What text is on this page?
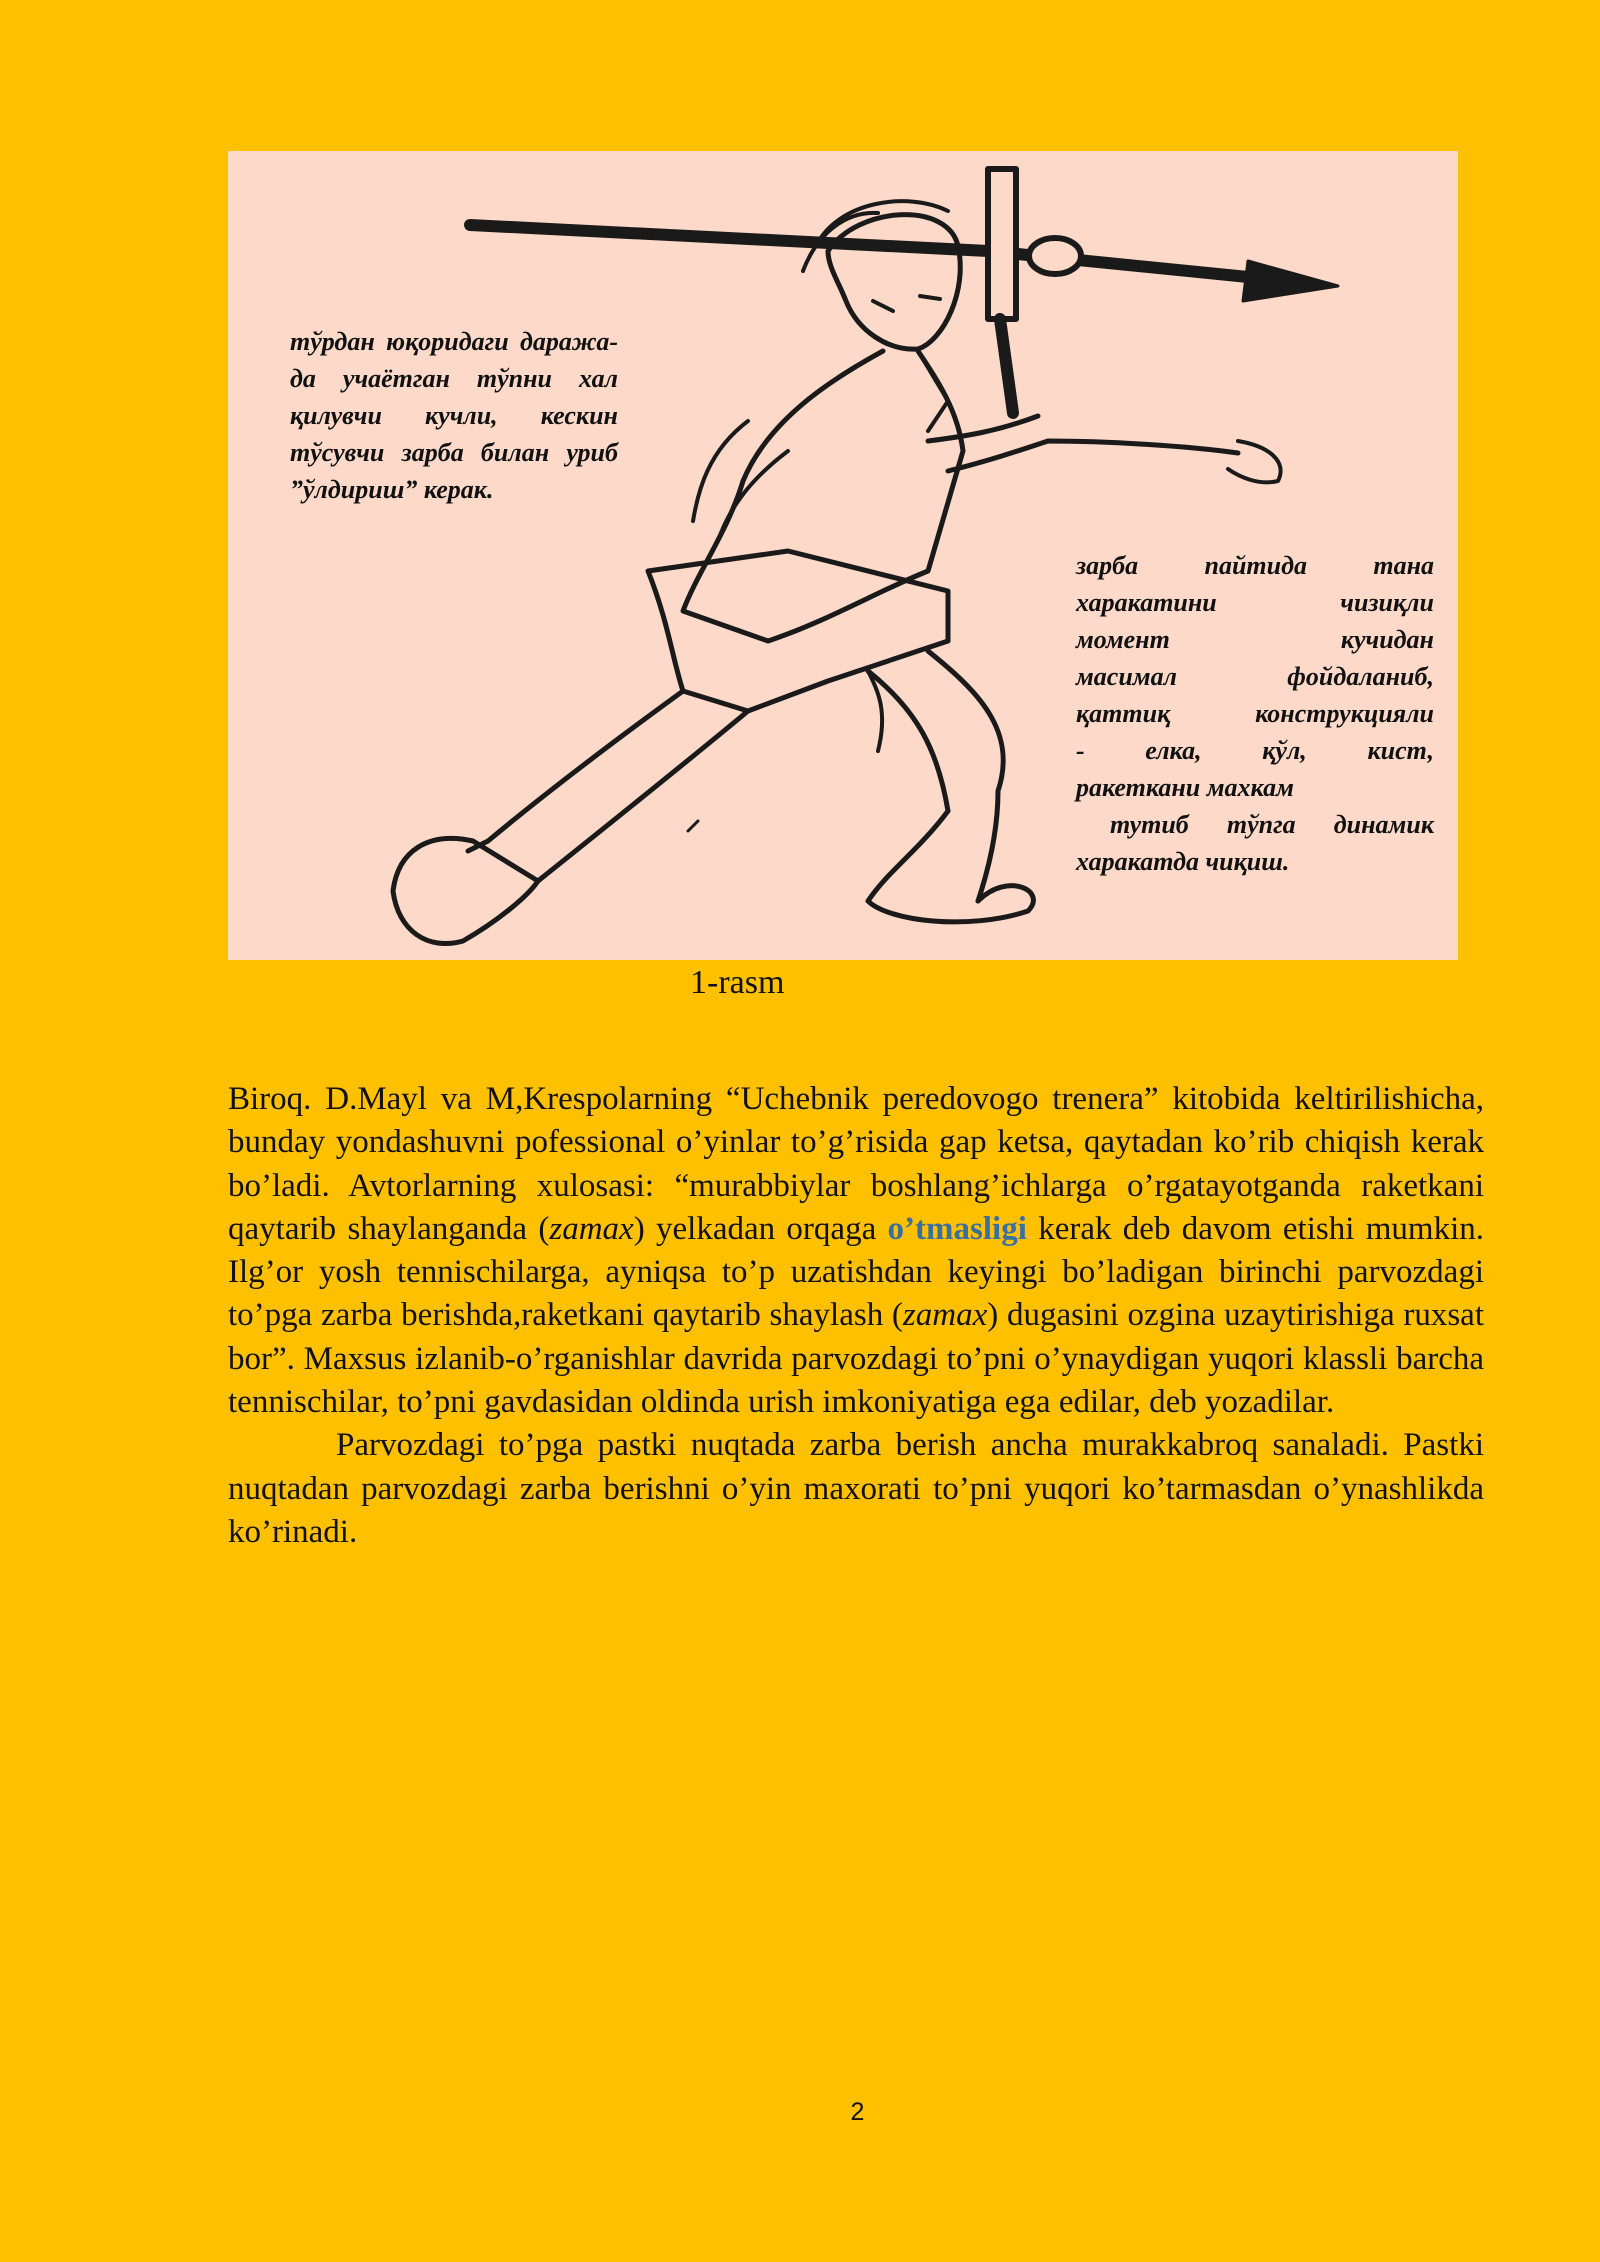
тўрдан юқоридаги даражада учаётган тўпни хал қилувчи кучли, кескин тўсувчи зарба билан уриб ”ўлдириш” керак.
зарба пайтида тана
харакатини чизиқли
момент кучидан
масимал фойдаланиб,
қаттиқ конструкцияли
- елка, қўл, кист,
ракеткани махкам
тутиб тўпга динамик
харакатда чиқиш.
1-rasm

Biroq. D.Mayl va M,Krespolarning “Uchebnik peredovogo trenera” kitobida keltirilishicha, bunday yondashuvni pofessional o’yinlar to’g’risida gap ketsa, qaytadan ko’rib chiqish kerak bo’ladi. Avtorlarning xulosasi: “murabbiylar boshlang’ichlarga o’rgatayotganda raketkani qaytarib shaylanganda (zamax) yelkadan orqaga o’tmasligi kerak deb davom etishi mumkin. Ilg’or yosh tennischilarga, ayniqsa to’p uzatishdan keyingi bo’ladigan birinchi parvozdagi to’pga zarba berishda,raketkani qaytarib shaylash (zamax) dugasini ozgina uzaytirishiga ruxsat bor”. Maxsus izlanib-o’rganishlar davrida parvozdagi to’pni o’ynaydigan yuqori klassli barcha tennischilar, to’pni gavdasidan oldinda urish imkoniyatiga ega edilar, deb yozadilar.

Parvozdagi to’pga pastki nuqtada zarba berish ancha murakkabroq sanaladi. Pastki nuqtadan parvozdagi zarba berishni o’yin maxorati to’pni yuqori ko’tarmasdan o’ynashlikda ko’rinadi.

2
